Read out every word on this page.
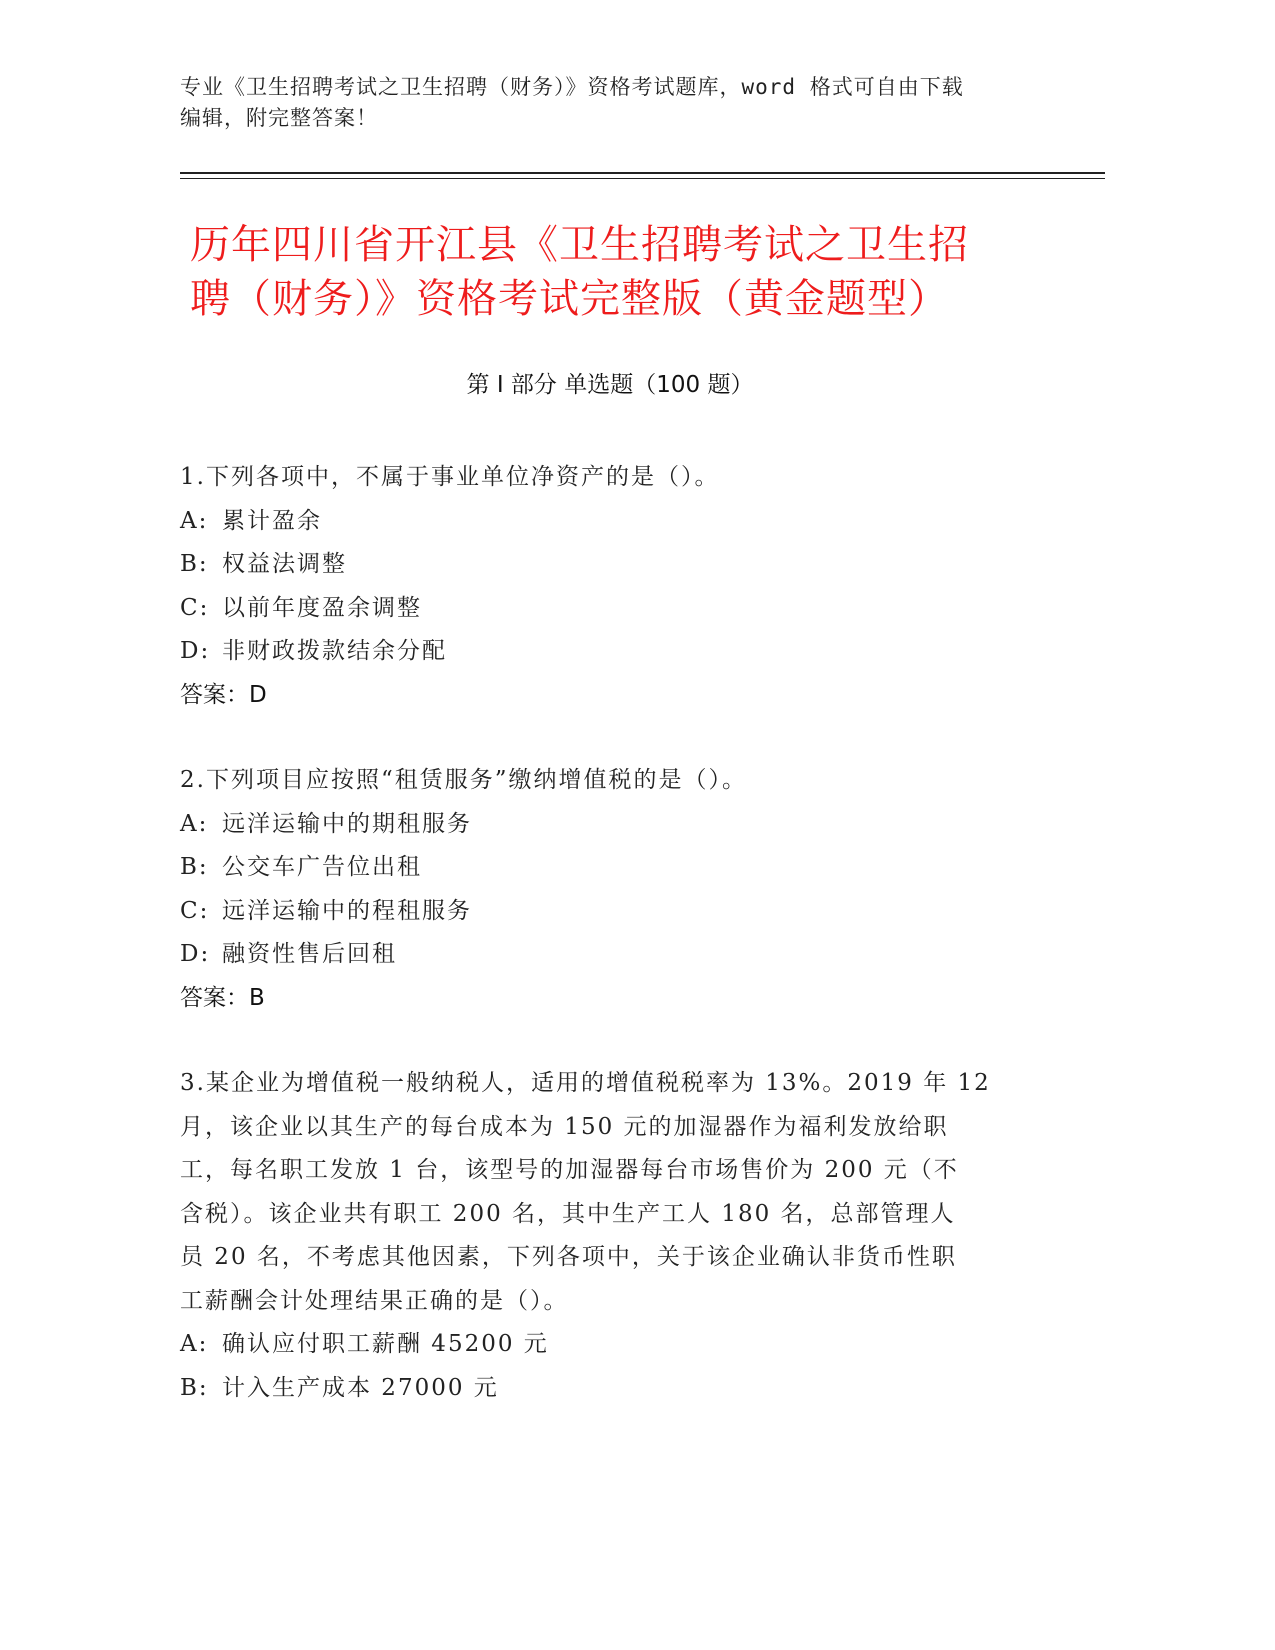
专业《卫生招聘考试之卫生招聘（财务）》资格考试题库，word 格式可自由下载
编辑，附完整答案！
历年四川省开江县《卫生招聘考试之卫生招
聘（财务）》资格考试完整版（黄金题型）
第 I 部分 单选题（100 题）
1.下列各项中，不属于事业单位净资产的是（）。
A: 累计盈余
B: 权益法调整
C: 以前年度盈余调整
D: 非财政拨款结余分配
答案：D
2.下列项目应按照“租赁服务”缴纳增值税的是（）。
A: 远洋运输中的期租服务
B: 公交车广告位出租
C: 远洋运输中的程租服务
D: 融资性售后回租
答案：B
3.某企业为增值税一般纳税人，适用的增值税税率为 13%。2019 年 12
月，该企业以其生产的每台成本为 150 元的加湿器作为福利发放给职
工，每名职工发放 1 台，该型号的加湿器每台市场售价为 200 元（不
含税）。该企业共有职工 200 名，其中生产工人 180 名，总部管理人
员 20 名，不考虑其他因素，下列各项中，关于该企业确认非货币性职
工薪酬会计处理结果正确的是（）。
A: 确认应付职工薪酬 45200 元
B: 计入生产成本 27000 元
